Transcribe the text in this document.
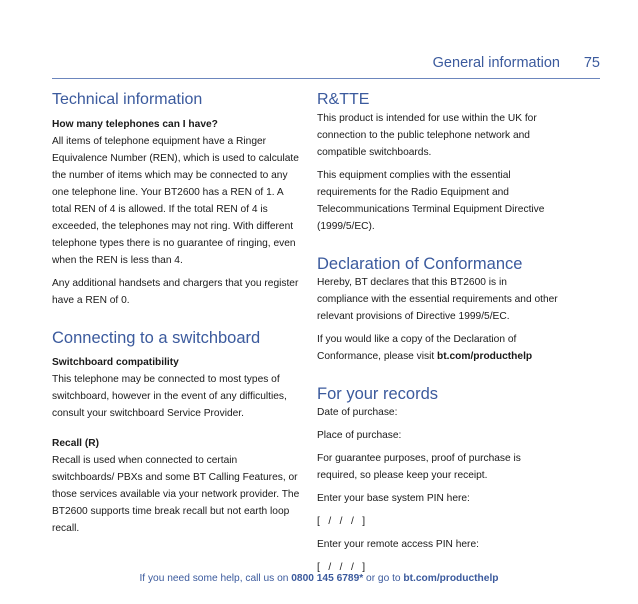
General information 75
Technical information

How many telephones can I have?

All items of telephone equipment have a Ringer Equivalence Number (REN), which is used to calculate the number of items which may be connected to any one telephone line. Your BT2600 has a REN of 1. A total REN of 4 is allowed. If the total REN of 4 is exceeded, the telephones may not ring. With different telephone types there is no guarantee of ringing, even when the REN is less than 4.

Any additional handsets and chargers that you register have a REN of 0.

Connecting to a switchboard

Switchboard compatibility

This telephone may be connected to most types of switchboard, however in the event of any difficulties, consult your switchboard Service Provider.

Recall (R)

Recall is used when connected to certain switchboards/ PBXs and some BT Calling Features, or those services available via your network provider. The BT2600 supports time break recall but not earth loop recall.

R&TTE

This product is intended for use within the UK for connection to the public telephone network and compatible switchboards.

This equipment complies with the essential requirements for the Radio Equipment and Telecommunications Terminal Equipment Directive (1999/5/EC).

Declaration of Conformance

Hereby, BT declares that this BT2600 is in compliance with the essential requirements and other relevant provisions of Directive 1999/5/EC.

If you would like a copy of the Declaration of Conformance, please visit bt.com/producthelp

For your records

Date of purchase:

Place of purchase:

For guarantee purposes, proof of purchase is required, so please keep your receipt.

Enter your base system PIN here:

[   /   /   /   ]

Enter your remote access PIN here:

[   /   /   /   ]

If you need some help, call us on 0800 145 6789* or go to bt.com/producthelp
